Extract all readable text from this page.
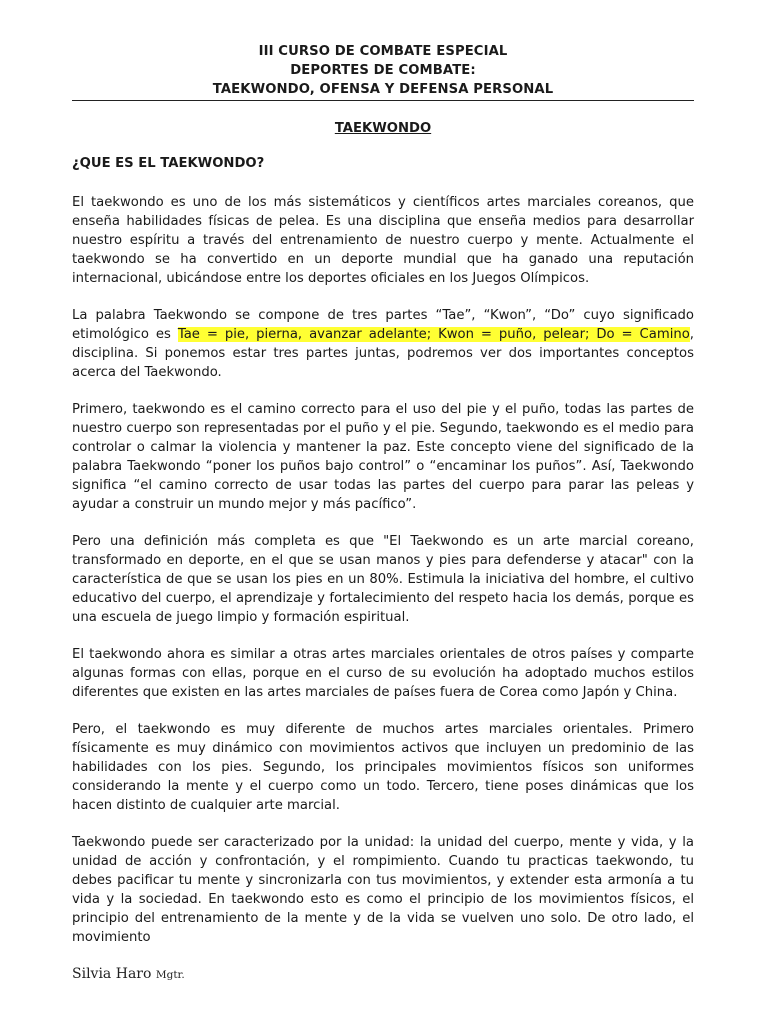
III CURSO DE COMBATE ESPECIAL
DEPORTES DE COMBATE:
TAEKWONDO, OFENSA Y DEFENSA PERSONAL
TAEKWONDO
¿QUE ES EL TAEKWONDO?

El taekwondo es uno de los más sistemáticos y científicos artes marciales coreanos, que enseña habilidades físicas de pelea. Es una disciplina que enseña medios para desarrollar nuestro espíritu a través del entrenamiento de nuestro cuerpo y mente. Actualmente el taekwondo se ha convertido en un deporte mundial que ha ganado una reputación internacional, ubicándose entre los deportes oficiales en los Juegos Olímpicos.

La palabra Taekwondo se compone de tres partes “Tae”, “Kwon”, “Do” cuyo significado etimológico es Tae = pie, pierna, avanzar adelante; Kwon = puño, pelear; Do = Camino, disciplina. Si ponemos estar tres partes juntas, podremos ver dos importantes conceptos acerca del Taekwondo.

Primero, taekwondo es el camino correcto para el uso del pie y el puño, todas las partes de nuestro cuerpo son representadas por el puño y el pie. Segundo, taekwondo es el medio para controlar o calmar la violencia y mantener la paz. Este concepto viene del significado de la palabra Taekwondo “poner los puños bajo control” o “encaminar los puños”. Así, Taekwondo significa “el camino correcto de usar todas las partes del cuerpo para parar las peleas y ayudar a construir un mundo mejor y más pacífico”.

Pero una definición más completa es que "El Taekwondo es un arte marcial coreano, transformado en deporte, en el que se usan manos y pies para defenderse y atacar" con la característica de que se usan los pies en un 80%. Estimula la iniciativa del hombre, el cultivo educativo del cuerpo, el aprendizaje y fortalecimiento del respeto hacia los demás, porque es una escuela de juego limpio y formación espiritual.

El taekwondo ahora es similar a otras artes marciales orientales de otros países y comparte algunas formas con ellas, porque en el curso de su evolución ha adoptado muchos estilos diferentes que existen en las artes marciales de países fuera de Corea como Japón y China.

Pero, el taekwondo es muy diferente de muchos artes marciales orientales. Primero físicamente es muy dinámico con movimientos activos que incluyen un predominio de las habilidades con los pies. Segundo, los principales movimientos físicos son uniformes considerando la mente y el cuerpo como un todo. Tercero, tiene poses dinámicas que los hacen distinto de cualquier arte marcial.

Taekwondo puede ser caracterizado por la unidad: la unidad del cuerpo, mente y vida, y la unidad de acción y confrontación, y el rompimiento. Cuando tu practicas taekwondo, tu debes pacificar tu mente y sincronizarla con tus movimientos, y extender esta armonía a tu vida y la sociedad. En taekwondo esto es como el principio de los movimientos físicos, el principio del entrenamiento de la mente y de la vida se vuelven uno solo. De otro lado, el movimiento

Silvia Haro Mgtr.
